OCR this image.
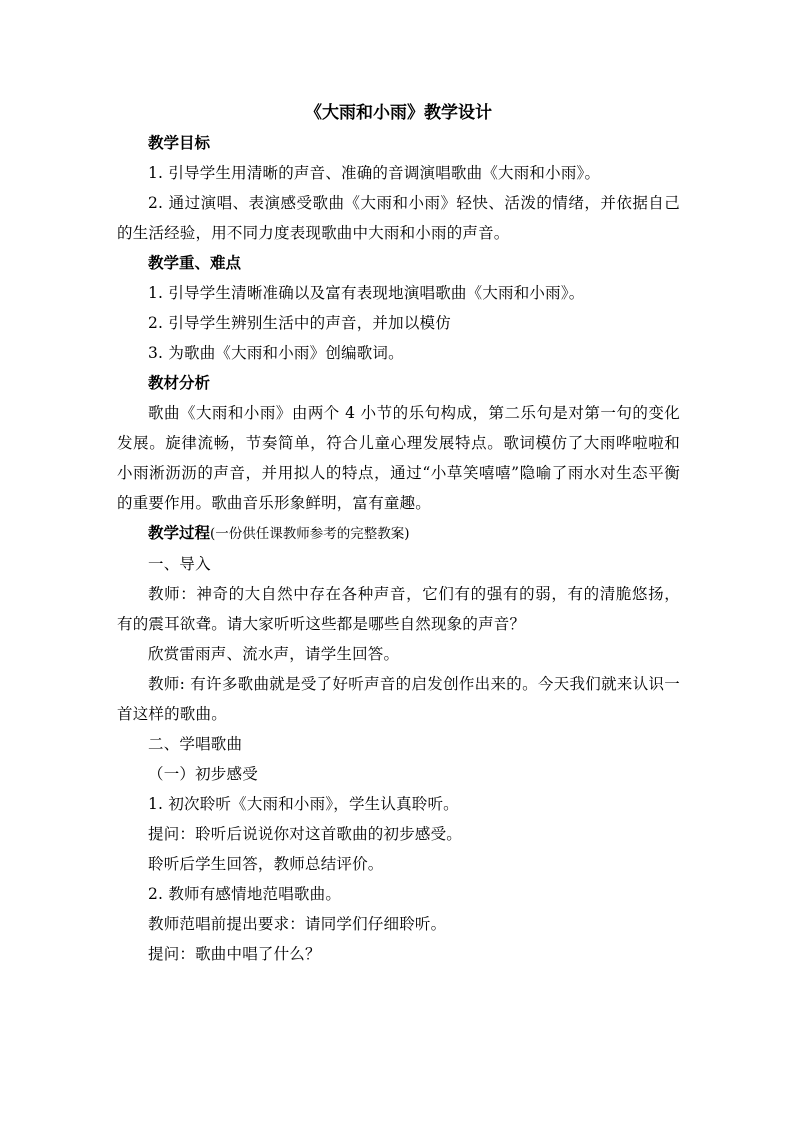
《大雨和小雨》教学设计

教学目标

1. 引导学生用清晰的声音、准确的音调演唱歌曲《大雨和小雨》。

2. 通过演唱、表演感受歌曲《大雨和小雨》轻快、活泼的情绪，并依据自己的生活经验，用不同力度表现歌曲中大雨和小雨的声音。

教学重、难点

1. 引导学生清晰准确以及富有表现地演唱歌曲《大雨和小雨》。

2. 引导学生辨别生活中的声音，并加以模仿

3. 为歌曲《大雨和小雨》创编歌词。

教材分析

歌曲《大雨和小雨》由两个 4 小节的乐句构成，第二乐句是对第一句的变化发展。旋律流畅，节奏简单，符合儿童心理发展特点。歌词模仿了大雨哗啦啦和小雨淅沥沥的声音，并用拟人的特点，通过“小草笑嘻嘻”隐喻了雨水对生态平衡的重要作用。歌曲音乐形象鲜明，富有童趣。

教学过程(一份供任课教师参考的完整教案)

一、导入

教师：神奇的大自然中存在各种声音，它们有的强有的弱，有的清脆悠扬，有的震耳欲聋。请大家听听这些都是哪些自然现象的声音？

欣赏雷雨声、流水声，请学生回答。

教师: 有许多歌曲就是受了好听声音的启发创作出来的。今天我们就来认识一首这样的歌曲。

二、学唱歌曲

（一）初步感受

1. 初次聆听《大雨和小雨》，学生认真聆听。

提问：聆听后说说你对这首歌曲的初步感受。

聆听后学生回答，教师总结评价。

2. 教师有感情地范唱歌曲。

教师范唱前提出要求：请同学们仔细聆听。

提问：歌曲中唱了什么？
